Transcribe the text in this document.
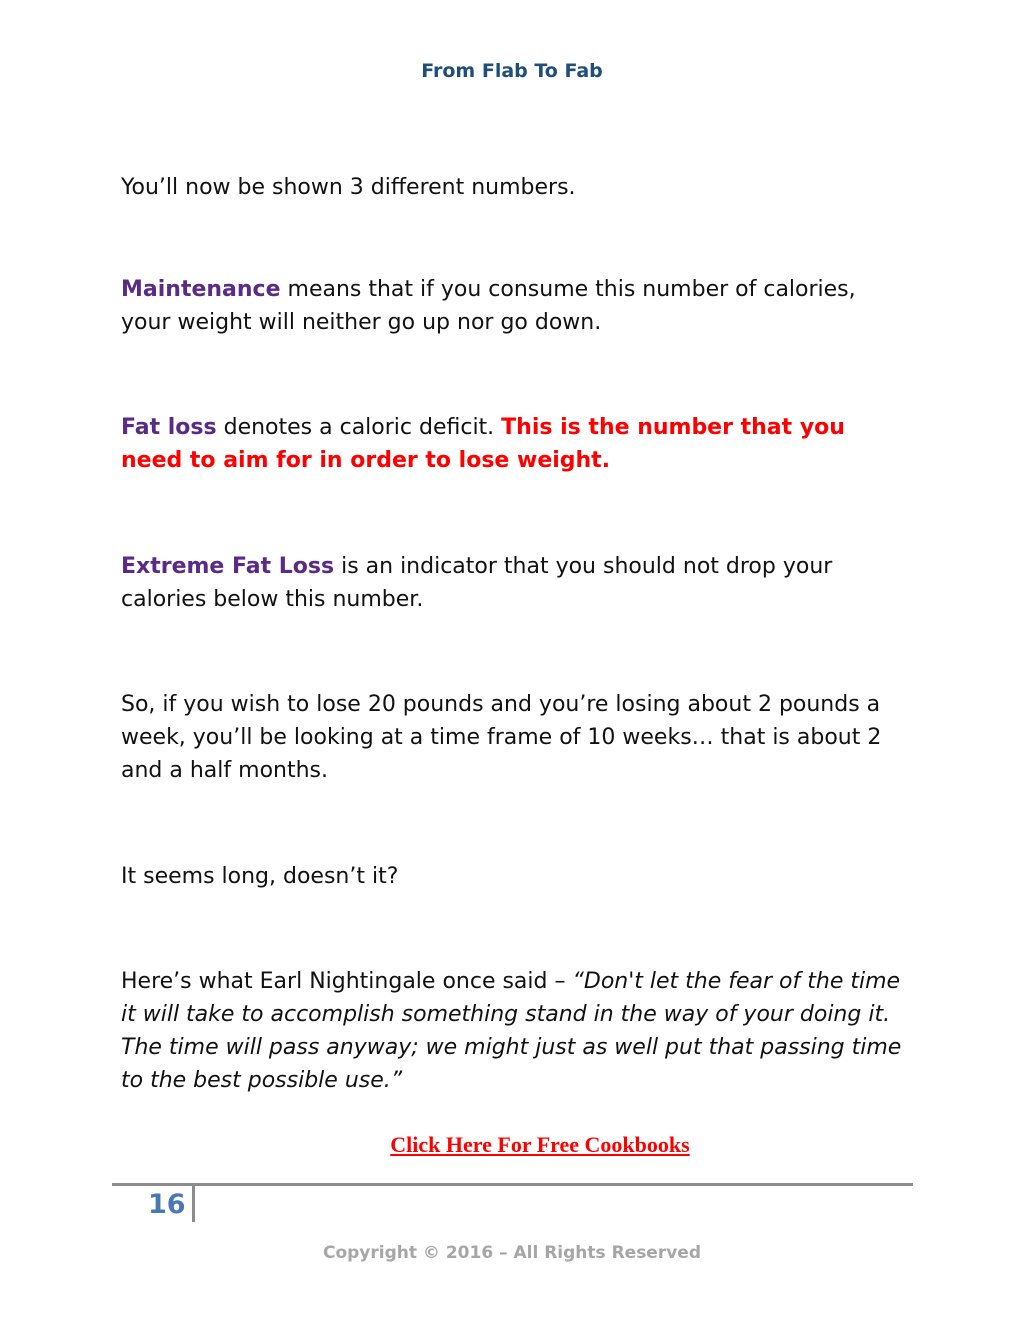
From Flab To Fab

You’ll now be shown 3 different numbers.

Maintenance means that if you consume this number of calories, your weight will neither go up nor go down.

Fat loss denotes a caloric deficit. This is the number that you need to aim for in order to lose weight.

Extreme Fat Loss is an indicator that you should not drop your calories below this number.

So, if you wish to lose 20 pounds and you’re losing about 2 pounds a week, you’ll be looking at a time frame of 10 weeks… that is about 2 and a half months.

It seems long, doesn’t it?

Here’s what Earl Nightingale once said – “Don't let the fear of the time it will take to accomplish something stand in the way of your doing it. The time will pass anyway; we might just as well put that passing time to the best possible use.”

Click Here For Free Cookbooks
16
Copyright © 2016 – All Rights Reserved
